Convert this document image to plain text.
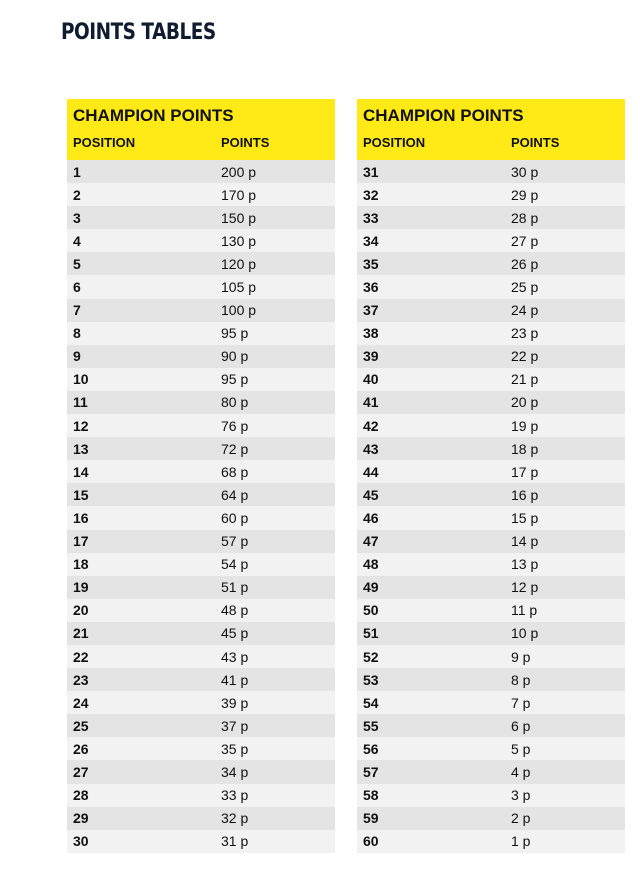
POINTS TABLES
CHAMPION POINTS
POSITION	POINTS
1	200 p
2	170 p
3	150 p
4	130 p
5	120 p
6	105 p
7	100 p
8	95 p
9	90 p
10	95 p
11	80 p
12	76 p
13	72 p
14	68 p
15	64 p
16	60 p
17	57 p
18	54 p
19	51 p
20	48 p
21	45 p
22	43 p
23	41 p
24	39 p
25	37 p
26	35 p
27	34 p
28	33 p
29	32 p
30	31 p
CHAMPION POINTS
POSITION	POINTS
31	30 p
32	29 p
33	28 p
34	27 p
35	26 p
36	25 p
37	24 p
38	23 p
39	22 p
40	21 p
41	20 p
42	19 p
43	18 p
44	17 p
45	16 p
46	15 p
47	14 p
48	13 p
49	12 p
50	11 p
51	10 p
52	9 p
53	8 p
54	7 p
55	6 p
56	5 p
57	4 p
58	3 p
59	2 p
60	1 p
